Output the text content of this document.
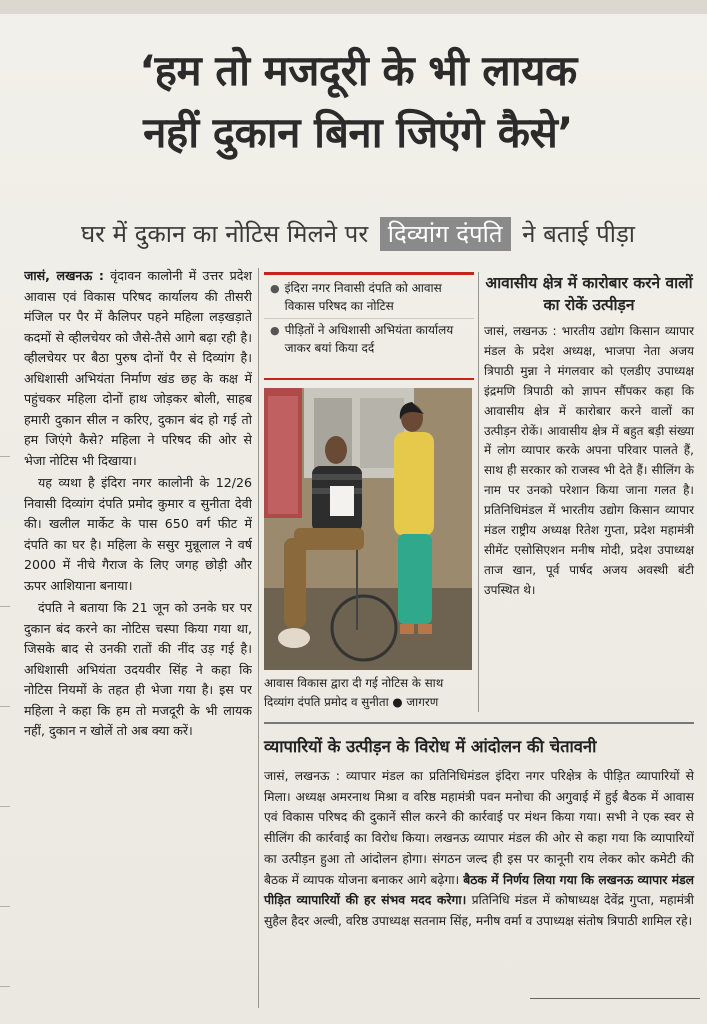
‘हम तो मजदूरी के भी लायक
नहीं दुकान बिना जिएंगे कैसे’
घर में दुकान का नोटिस मिलने पर दिव्यांग दंपति ने बताई पीड़ा

जासं, लखनऊ : वृंदावन कालोनी में उत्तर प्रदेश आवास एवं विकास परिषद कार्यालय की तीसरी मंजिल पर पैर में कैलिपर पहने महिला लड़खड़ाते कदमों से व्हीलचेयर को जैसे-तैसे आगे बढ़ा रही है। व्हीलचेयर पर बैठा पुरुष दोनों पैर से दिव्यांग है। अधिशासी अभियंता निर्माण खंड छह के कक्ष में पहुंचकर महिला दोनों हाथ जोड़कर बोली, साहब हमारी दुकान सील न करिए, दुकान बंद हो गई तो हम जिएंगे कैसे? महिला ने परिषद की ओर से भेजा नोटिस भी दिखाया।

यह व्यथा है इंदिरा नगर कालोनी के 12/26 निवासी दिव्यांग दंपति प्रमोद कुमार व सुनीता देवी की। खलील मार्केट के पास 650 वर्ग फीट में दंपति का घर है। महिला के ससुर मुन्नूलाल ने वर्ष 2000 में नीचे गैराज के लिए जगह छोड़ी और ऊपर आशियाना बनाया।

दंपति ने बताया कि 21 जून को उनके घर पर दुकान बंद करने का नोटिस चस्पा किया गया था, जिसके बाद से उनकी रातों की नींद उड़ गई है। अधिशासी अभियंता उदयवीर सिंह ने कहा कि नोटिस नियमों के तहत ही भेजा गया है। इस पर महिला ने कहा कि हम तो मजदूरी के भी लायक नहीं, दुकान न खोलें तो अब क्या करें।

● इंदिरा नगर निवासी दंपति को आवास विकास परिषद का नोटिस
● पीड़ितों ने अधिशासी अभियंता कार्यालय जाकर बयां किया दर्द
आवास विकास द्वारा दी गई नोटिस के साथ दिव्यांग दंपति प्रमोद व सुनीता ● जागरण

आवासीय क्षेत्र में कारोबार करने वालों का रोकें उत्पीड़न

जासं, लखनऊ : भारतीय उद्योग किसान व्यापार मंडल के प्रदेश अध्यक्ष, भाजपा नेता अजय त्रिपाठी मुन्ना ने मंगलवार को एलडीए उपाध्यक्ष इंद्रमणि त्रिपाठी को ज्ञापन सौंपकर कहा कि आवासीय क्षेत्र में कारोबार करने वालों का उत्पीड़न रोकें। आवासीय क्षेत्र में बहुत बड़ी संख्या में लोग व्यापार करके अपना परिवार पालते हैं, साथ ही सरकार को राजस्व भी देते हैं। सीलिंग के नाम पर उनको परेशान किया जाना गलत है। प्रतिनिधिमंडल में भारतीय उद्योग किसान व्यापार मंडल राष्ट्रीय अध्यक्ष रितेश गुप्ता, प्रदेश महामंत्री सीमेंट एसोसिएशन मनीष मोदी, प्रदेश उपाध्यक्ष ताज खान, पूर्व पार्षद अजय अवस्थी बंटी उपस्थित थे।

व्यापारियों के उत्पीड़न के विरोध में आंदोलन की चेतावनी

जासं, लखनऊ : व्यापार मंडल का प्रतिनिधिमंडल इंदिरा नगर परिक्षेत्र के पीड़ित व्यापारियों से मिला। अध्यक्ष अमरनाथ मिश्रा व वरिष्ठ महामंत्री पवन मनोचा की अगुवाई में हुई बैठक में आवास एवं विकास परिषद की दुकानें सील करने की कार्रवाई पर मंथन किया गया। सभी ने एक स्वर से सीलिंग की कार्रवाई का विरोध किया। लखनऊ व्यापार मंडल की ओर से कहा गया कि व्यापारियों का उत्पीड़न हुआ तो आंदोलन होगा। संगठन जल्द ही इस पर कानूनी राय लेकर कोर कमेटी की बैठक में व्यापक योजना बनाकर आगे बढ़ेगा। बैठक में निर्णय लिया गया कि लखनऊ व्यापार मंडल पीड़ित व्यापारियों की हर संभव मदद करेगा। प्रतिनिधि मंडल में कोषाध्यक्ष देवेंद्र गुप्ता, महामंत्री सुहैल हैदर अल्वी, वरिष्ठ उपाध्यक्ष सतनाम सिंह, मनीष वर्मा व उपाध्यक्ष संतोष त्रिपाठी शामिल रहे।
